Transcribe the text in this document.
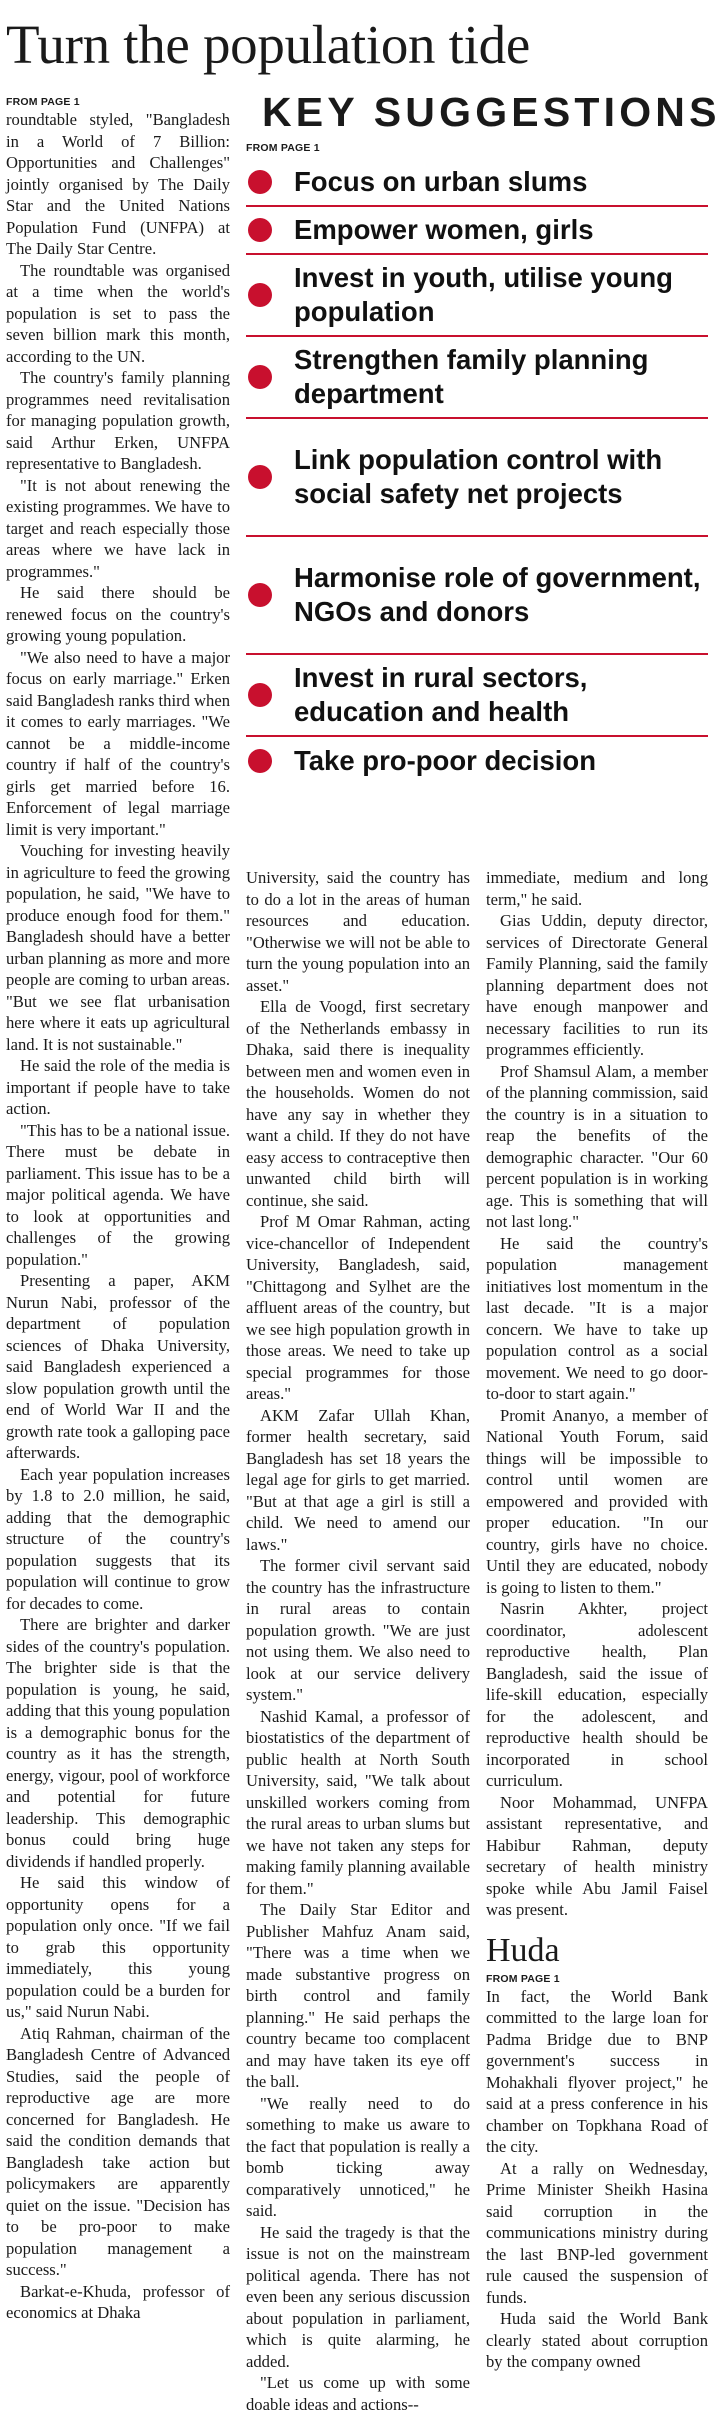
Turn the population tide
FROM PAGE 1

roundtable styled, "Bangladesh in a World of 7 Billion: Opportunities and Challenges" jointly organised by The Daily Star and the United Nations Population Fund (UNFPA) at The Daily Star Centre.

The roundtable was organised at a time when the world's population is set to pass the seven billion mark this month, according to the UN.

The country's family planning programmes need revitalisation for managing population growth, said Arthur Erken, UNFPA representative to Bangladesh.

"It is not about renewing the existing programmes. We have to target and reach especially those areas where we have lack in programmes."

He said there should be renewed focus on the country's growing young population.

"We also need to have a major focus on early marriage." Erken said Bangladesh ranks third when it comes to early marriages. "We cannot be a middle-income country if half of the country's girls get married before 16. Enforcement of legal marriage limit is very important."

Vouching for investing heavily in agriculture to feed the growing population, he said, "We have to produce enough food for them." Bangladesh should have a better urban planning as more and more people are coming to urban areas. "But we see flat urbanisation here where it eats up agricultural land. It is not sustainable."

He said the role of the media is important if people have to take action.

"This has to be a national issue. There must be debate in parliament. This issue has to be a major political agenda. We have to look at opportunities and challenges of the growing population."

Presenting a paper, AKM Nurun Nabi, professor of the department of population sciences of Dhaka University, said Bangladesh experienced a slow population growth until the end of World War II and the growth rate took a galloping pace afterwards.

Each year population increases by 1.8 to 2.0 million, he said, adding that the demographic structure of the country's population suggests that its population will continue to grow for decades to come.

There are brighter and darker sides of the country's population. The brighter side is that the population is young, he said, adding that this young population is a demographic bonus for the country as it has the strength, energy, vigour, pool of workforce and potential for future leadership. This demographic bonus could bring huge dividends if handled properly.

He said this window of opportunity opens for a population only once. "If we fail to grab this opportunity immediately, this young population could be a burden for us," said Nurun Nabi.

Atiq Rahman, chairman of the Bangladesh Centre of Advanced Studies, said the people of reproductive age are more concerned for Bangladesh. He said the condition demands that Bangladesh take action but policymakers are apparently quiet on the issue. "Decision has to be pro-poor to make population management a success."

Barkat-e-Khuda, professor of economics at Dhaka

KEY SUGGESTIONS
FROM PAGE 1
Focus on urban slums
Empower women, girls
Invest in youth, utilise young population
Strengthen family planning department
Link population control with social safety net projects
Harmonise role of government, NGOs and donors
Invest in rural sectors, education and health
Take pro-poor decision

University, said the country has to do a lot in the areas of human resources and education. "Otherwise we will not be able to turn the young population into an asset."

Ella de Voogd, first secretary of the Netherlands embassy in Dhaka, said there is inequality between men and women even in the households. Women do not have any say in whether they want a child. If they do not have easy access to contraceptive then unwanted child birth will continue, she said.

Prof M Omar Rahman, acting vice-chancellor of Independent University, Bangladesh, said, "Chittagong and Sylhet are the affluent areas of the country, but we see high population growth in those areas. We need to take up special programmes for those areas."

AKM Zafar Ullah Khan, former health secretary, said Bangladesh has set 18 years the legal age for girls to get married. "But at that age a girl is still a child. We need to amend our laws."

The former civil servant said the country has the infrastructure in rural areas to contain population growth. "We are just not using them. We also need to look at our service delivery system."

Nashid Kamal, a professor of biostatistics of the department of public health at North South University, said, "We talk about unskilled workers coming from the rural areas to urban slums but we have not taken any steps for making family planning available for them."

The Daily Star Editor and Publisher Mahfuz Anam said, "There was a time when we made substantive progress on birth control and family planning." He said perhaps the country became too complacent and may have taken its eye off the ball.

"We really need to do something to make us aware to the fact that population is really a bomb ticking away comparatively unnoticed," he said.

He said the tragedy is that the issue is not on the mainstream political agenda. There has not even been any serious discussion about population in parliament, which is quite alarming, he added.

"Let us come up with some doable ideas and actions--

immediate, medium and long term," he said.

Gias Uddin, deputy director, services of Directorate General Family Planning, said the family planning department does not have enough manpower and necessary facilities to run its programmes efficiently.

Prof Shamsul Alam, a member of the planning commission, said the country is in a situation to reap the benefits of the demographic character. "Our 60 percent population is in working age. This is something that will not last long."

He said the country's population management initiatives lost momentum in the last decade. "It is a major concern. We have to take up population control as a social movement. We need to go door-to-door to start again."

Promit Ananyo, a member of National Youth Forum, said things will be impossible to control until women are empowered and provided with proper education. "In our country, girls have no choice. Until they are educated, nobody is going to listen to them."

Nasrin Akhter, project coordinator, adolescent reproductive health, Plan Bangladesh, said the issue of life-skill education, especially for the adolescent, and reproductive health should be incorporated in school curriculum.

Noor Mohammad, UNFPA assistant representative, and Habibur Rahman, deputy secretary of health ministry spoke while Abu Jamil Faisel was present.

Huda
FROM PAGE 1

In fact, the World Bank committed to the large loan for Padma Bridge due to BNP government's success in Mohakhali flyover project," he said at a press conference in his chamber on Topkhana Road of the city.

At a rally on Wednesday, Prime Minister Sheikh Hasina said corruption in the communications ministry during the last BNP-led government rule caused the suspension of funds.

Huda said the World Bank clearly stated about corruption by the company owned
